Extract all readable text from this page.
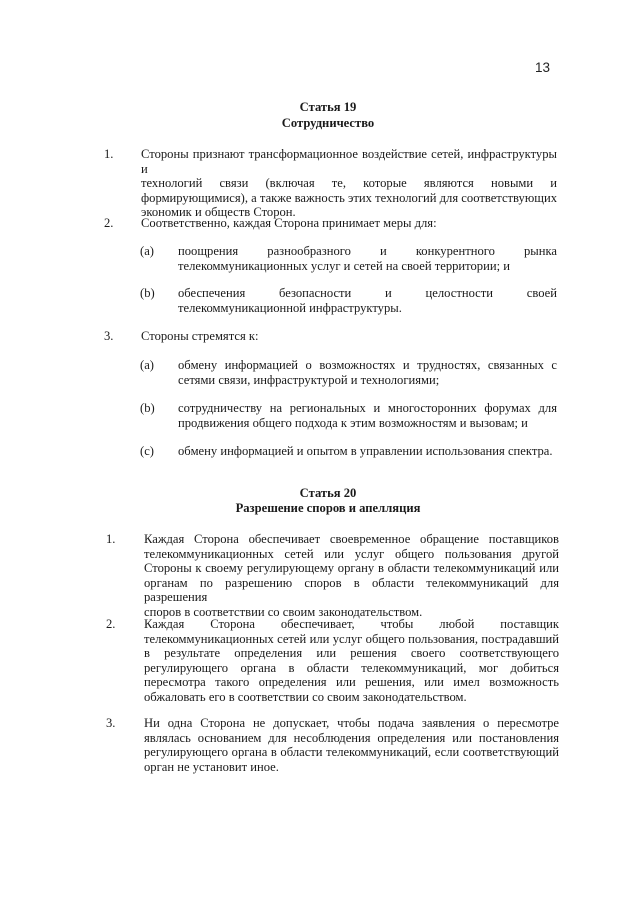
13
Статья 19
Сотрудничество
1. Стороны признают трансформационное воздействие сетей, инфраструктуры и
технологий связи (включая те, которые являются новыми и
формирующимися), а также важность этих технологий для соответствующих
экономик и обществ Сторон.
2. Соответственно, каждая Сторона принимает меры для:
(a) поощрения разнообразного и конкурентного рынка
телекоммуникационных услуг и сетей на своей территории; и
(b) обеспечения безопасности и целостности своей
телекоммуникационной инфраструктуры.
3. Стороны стремятся к:
(a) обмену информацией о возможностях и трудностях, связанных с
сетями связи, инфраструктурой и технологиями;
(b) сотрудничеству на региональных и многосторонних форумах для
продвижения общего подхода к этим возможностям и вызовам; и
(c) обмену информацией и опытом в управлении использования спектра.
Статья 20
Разрешение споров и апелляция
1. Каждая Сторона обеспечивает своевременное обращение поставщиков
телекоммуникационных сетей или услуг общего пользования другой
Стороны к своему регулирующему органу в области телекоммуникаций или
органам по разрешению споров в области телекоммуникаций для разрешения
споров в соответствии со своим законодательством.
2. Каждая Сторона обеспечивает, чтобы любой поставщик
телекоммуникационных сетей или услуг общего пользования, пострадавший
в результате определения или решения своего соответствующего
регулирующего органа в области телекоммуникаций, мог добиться
пересмотра такого определения или решения, или имел возможность
обжаловать его в соответствии со своим законодательством.
3. Ни одна Сторона не допускает, чтобы подача заявления о пересмотре
являлась основанием для несоблюдения определения или постановления
регулирующего органа в области телекоммуникаций, если соответствующий
орган не установит иное.
